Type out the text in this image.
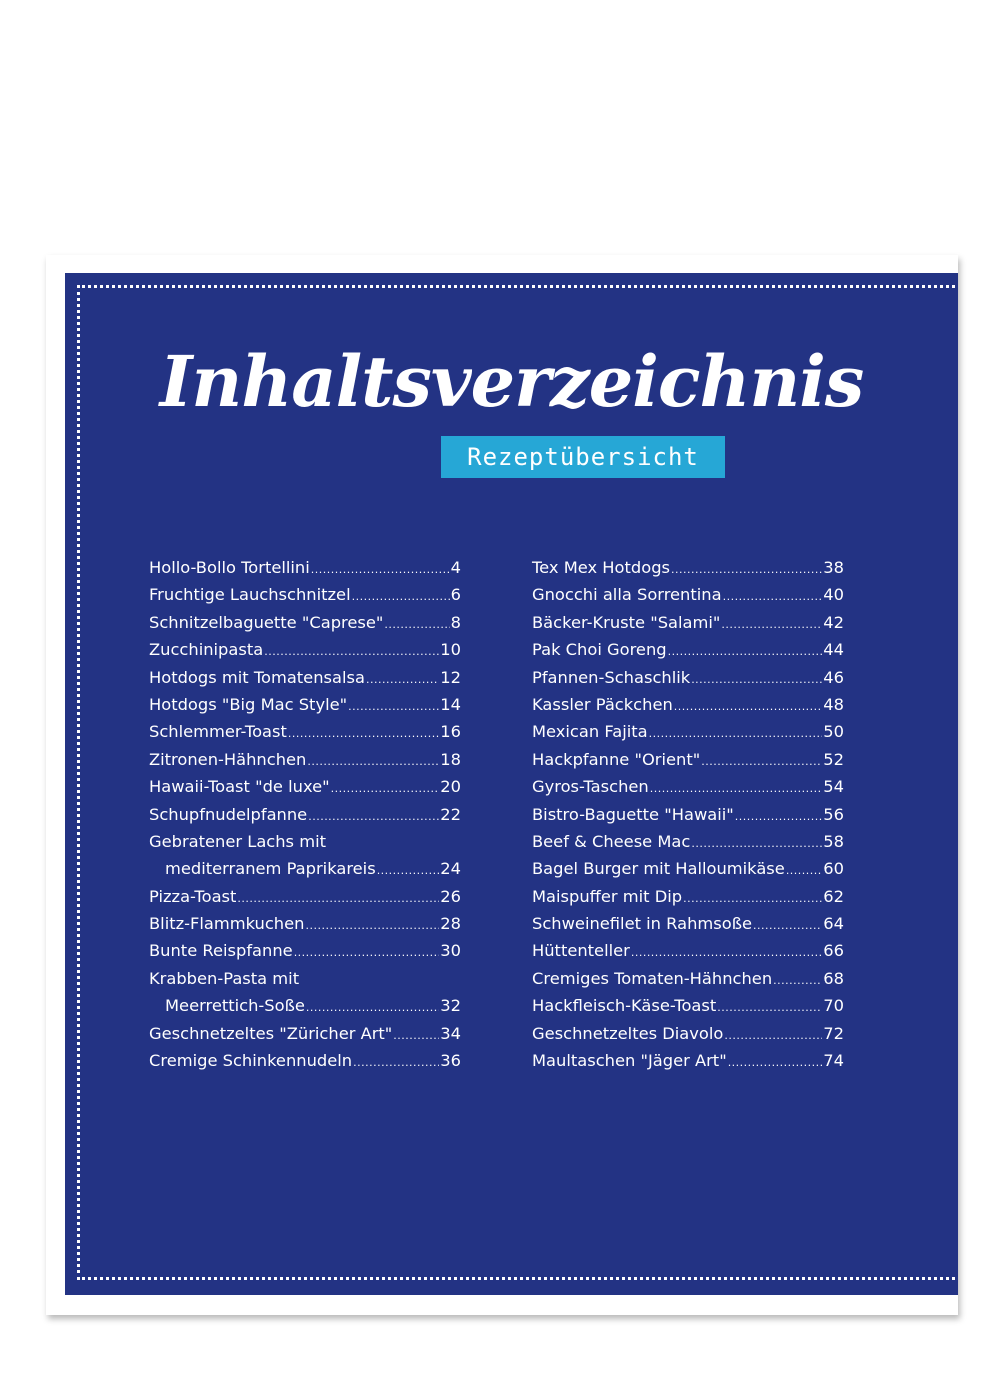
Inhaltsverzeichnis
Rezeptübersicht
Hollo-Bollo Tortellini .....	4
Fruchtige Lauchschnitzel .....	6
Schnitzelbaguette "Caprese" .....	8
Zucchinipasta .....	10
Hotdogs mit Tomatensalsa .....	12
Hotdogs "Big Mac Style" .....	14
Schlemmer-Toast .....	16
Zitronen-Hähnchen .....	18
Hawaii-Toast "de luxe" .....	20
Schupfnudelpfanne .....	22
Gebratener Lachs mit
mediterranem Paprikareis .....	24
Pizza-Toast .....	26
Blitz-Flammkuchen .....	28
Bunte Reispfanne .....	30
Krabben-Pasta mit
Meerrettich-Soße .....	32
Geschnetzeltes "Züricher Art" .....	34
Cremige Schinkennudeln .....	36
Tex Mex Hotdogs .....	38
Gnocchi alla Sorrentina .....	40
Bäcker-Kruste "Salami" .....	42
Pak Choi Goreng .....	44
Pfannen-Schaschlik .....	46
Kassler Päckchen .....	48
Mexican Fajita .....	50
Hackpfanne "Orient" .....	52
Gyros-Taschen .....	54
Bistro-Baguette "Hawaii" .....	56
Beef & Cheese Mac .....	58
Bagel Burger mit Halloumikäse ..... 60
Maispuffer mit Dip .....	62
Schweinefilet in Rahmsoße .....	64
Hüttenteller .....	66
Cremiges Tomaten-Hähnchen .....	68
Hackfleisch-Käse-Toast .....	70
Geschnetzeltes Diavolo .....	72
Maultaschen "Jäger Art" .....	74
